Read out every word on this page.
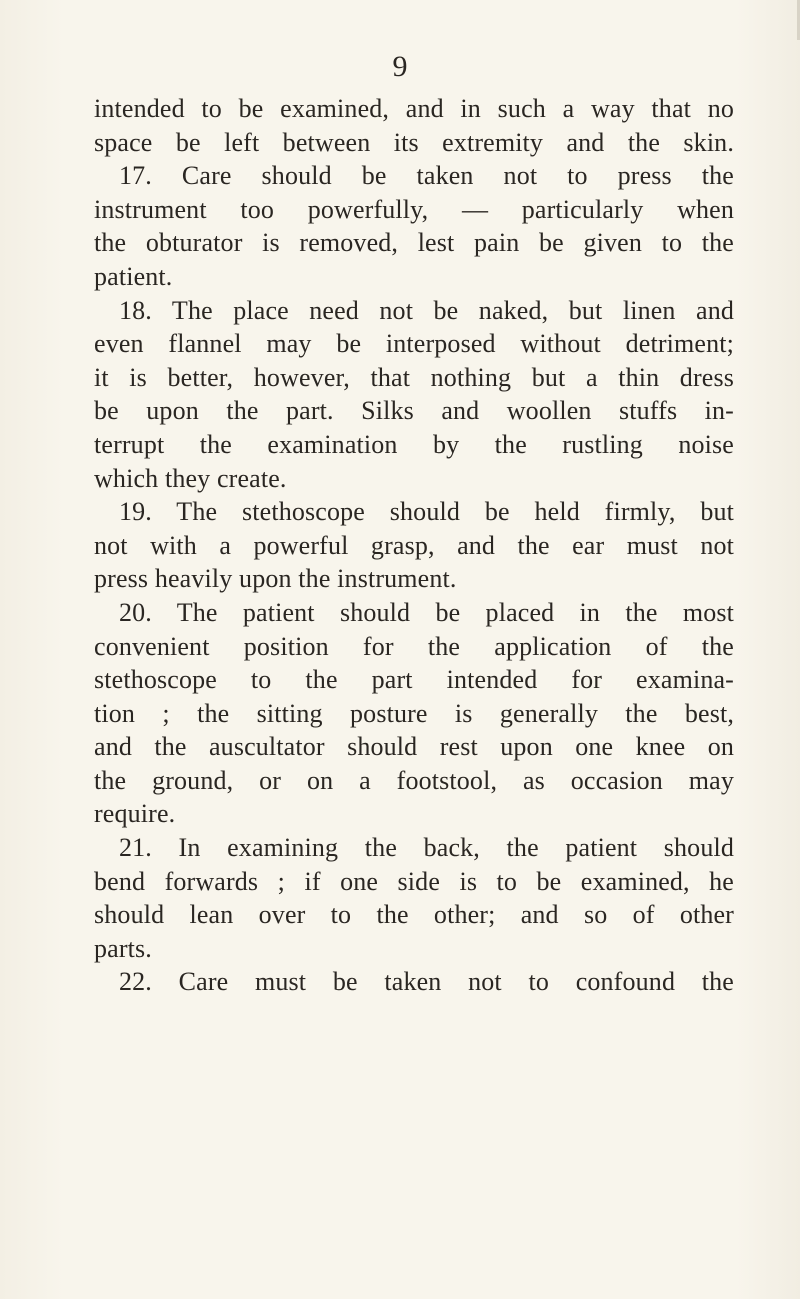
9
intended to be examined, and in such a way that no
space be left between its extremity and the skin.
17. Care should be taken not to press the
instrument too powerfully, — particularly when
the obturator is removed, lest pain be given to the
patient.
18. The place need not be naked, but linen and
even flannel may be interposed without detriment;
it is better, however, that nothing but a thin dress
be upon the part. Silks and woollen stuffs in-
terrupt the examination by the rustling noise
which they create.
19. The stethoscope should be held firmly, but
not with a powerful grasp, and the ear must not
press heavily upon the instrument.
20. The patient should be placed in the most
convenient position for the application of the
stethoscope to the part intended for examina-
tion ; the sitting posture is generally the best,
and the auscultator should rest upon one knee on
the ground, or on a footstool, as occasion may
require.
21. In examining the back, the patient should
bend forwards ; if one side is to be examined, he
should lean over to the other; and so of other
parts.
22. Care must be taken not to confound the
